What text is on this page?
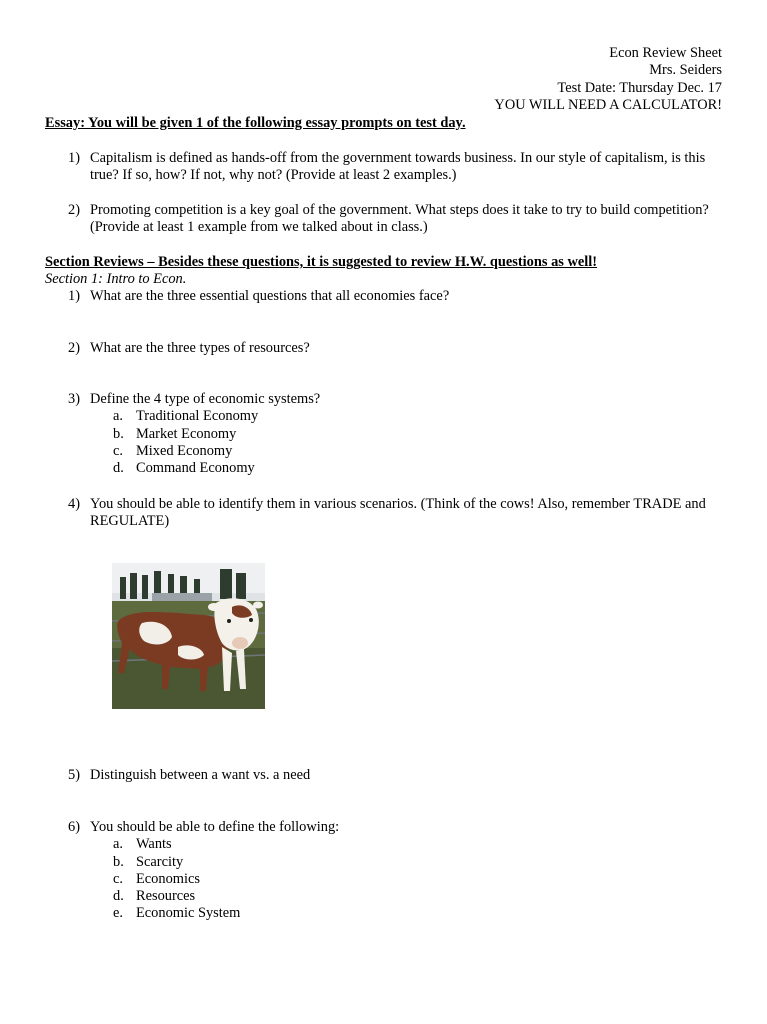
Econ Review Sheet
Mrs. Seiders
Test Date: Thursday Dec. 17
YOU WILL NEED A CALCULATOR!
Essay: You will be given 1 of the following essay prompts on test day.
1) Capitalism is defined as hands-off from the government towards business. In our style of capitalism, is this true? If so, how? If not, why not? (Provide at least 2 examples.)
2) Promoting competition is a key goal of the government. What steps does it take to try to build competition? (Provide at least 1 example from we talked about in class.)
Section Reviews – Besides these questions, it is suggested to review H.W. questions as well!
Section 1: Intro to Econ.
1) What are the three essential questions that all economies face?
2) What are the three types of resources?
3) Define the 4 type of economic systems?
a. Traditional Economy
b. Market Economy
c. Mixed Economy
d. Command Economy
4) You should be able to identify them in various scenarios. (Think of the cows! Also, remember TRADE and REGULATE)
5) Distinguish between a want vs. a need
6) You should be able to define the following:
a. Wants
b. Scarcity
c. Economics
d. Resources
e. Economic System
